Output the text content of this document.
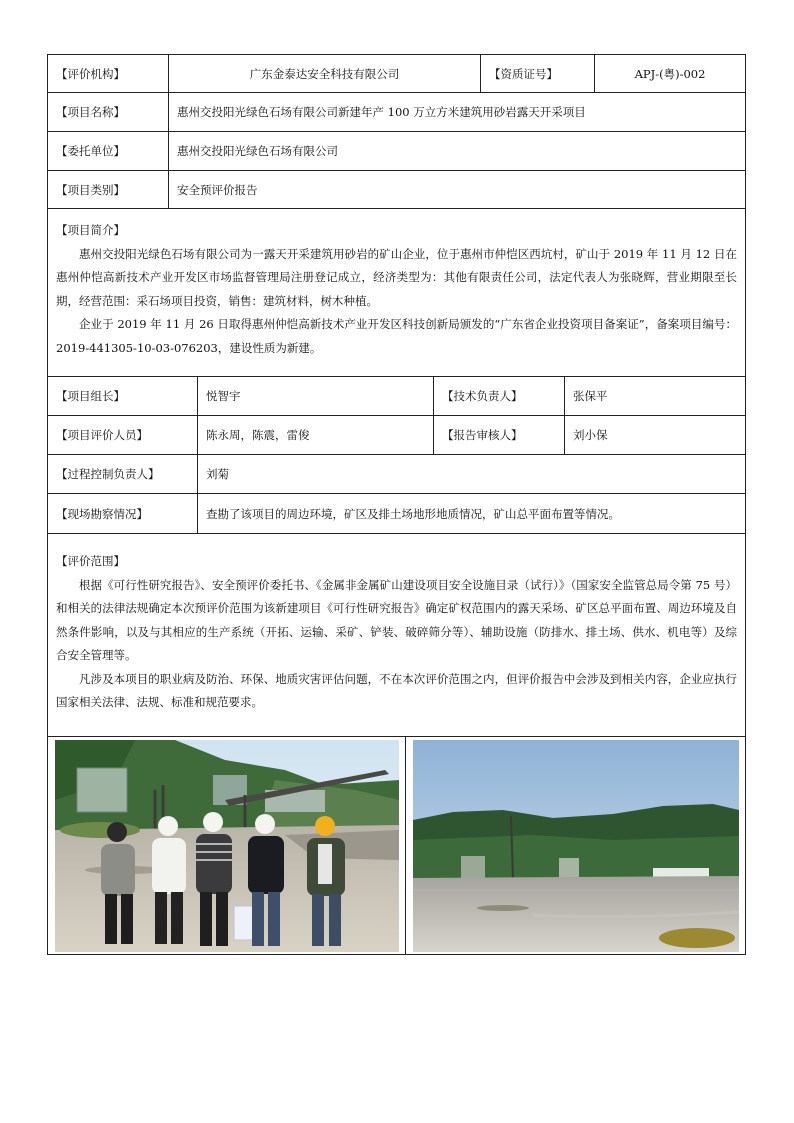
【评价机构】	广东金泰达安全科技有限公司	【资质证号】	APJ-(粤)-002
【项目名称】	惠州交投阳光绿色石场有限公司新建年产 100 万立方米建筑用砂岩露天开采项目
【委托单位】	惠州交投阳光绿色石场有限公司
【项目类别】	安全预评价报告

【项目简介】

惠州交投阳光绿色石场有限公司为一露天开采建筑用砂岩的矿山企业，位于惠州市仲恺区西坑村，矿山于 2019 年 11 月 12 日在惠州仲恺高新技术产业开发区市场监督管理局注册登记成立，经济类型为：其他有限责任公司，法定代表人为张晓辉，营业期限至长期，经营范围：采石场项目投资，销售：建筑材料，树木种植。

企业于 2019 年 11 月 26 日取得惠州仲恺高新技术产业开发区科技创新局颁发的“广东省企业投资项目备案证”，备案项目编号：2019-441305-10-03-076203，建设性质为新建。

【项目组长】	悦智宇	【技术负责人】	张保平
【项目评价人员】	陈永周，陈震，雷俊	【报告审核人】	刘小保
【过程控制负责人】	刘菊
【现场勘察情况】	查勘了该项目的周边环境，矿区及排土场地形地质情况，矿山总平面布置等情况。

【评价范围】

根据《可行性研究报告》、安全预评价委托书、《金属非金属矿山建设项目安全设施目录（试行）》（国家安全监管总局令第 75 号）和相关的法律法规确定本次预评价范围为该新建项目《可行性研究报告》确定矿权范围内的露天采场、矿区总平面布置、周边环境及自然条件影响，以及与其相应的生产系统（开拓、运输、采矿、铲装、破碎筛分等）、辅助设施（防排水、排土场、供水、机电等）及综合安全管理等。

凡涉及本项目的职业病及防治、环保、地质灾害评估问题，不在本次评价范围之内，但评价报告中会涉及到相关内容，企业应执行国家相关法律、法规、标准和规范要求。
